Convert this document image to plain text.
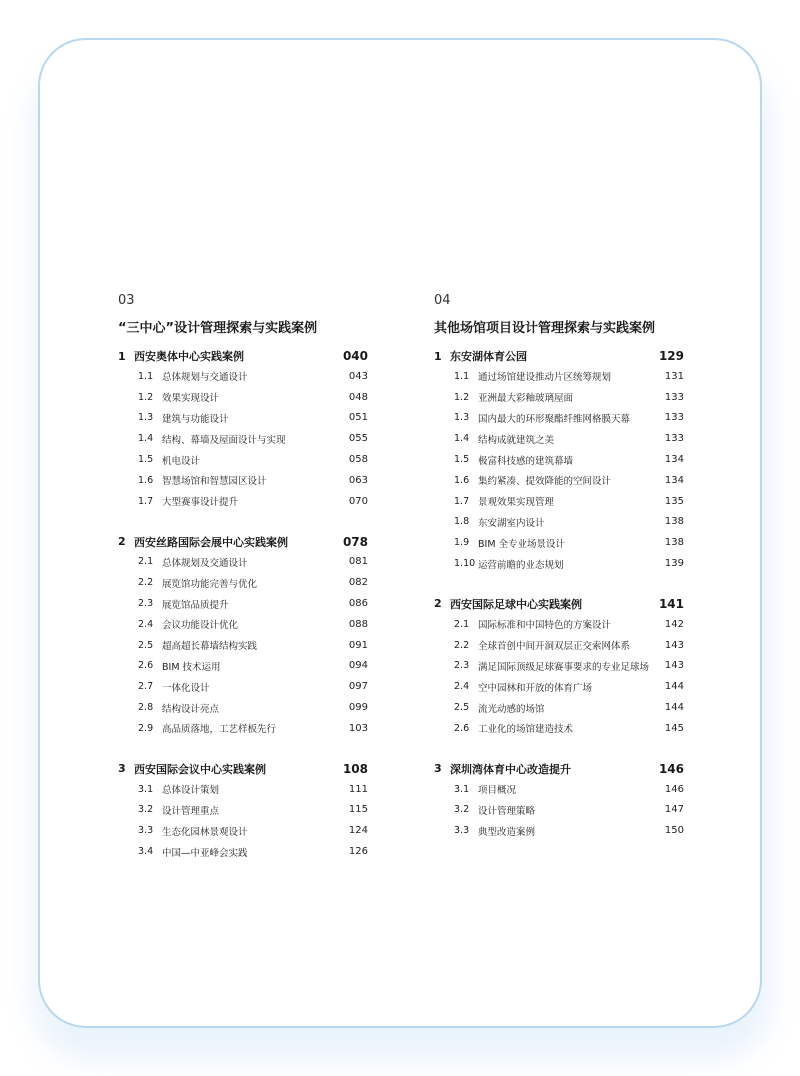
03
“三中心”设计管理探索与实践案例
1 西安奥体中心实践案例	040
1.1 总体规划与交通设计	043
1.2 效果实现设计	048
1.3 建筑与功能设计	051
1.4 结构、幕墙及屋面设计与实现	055
1.5 机电设计	058
1.6 智慧场馆和智慧园区设计	063
1.7 大型赛事设计提升	070
2 西安丝路国际会展中心实践案例	078
2.1 总体规划及交通设计	081
2.2 展览馆功能完善与优化	082
2.3 展览馆品质提升	086
2.4 会议功能设计优化	088
2.5 超高超长幕墙结构实践	091
2.6 BIM 技术运用	094
2.7 一体化设计	097
2.8 结构设计亮点	099
2.9 高品质落地，工艺样板先行	103
3 西安国际会议中心实践案例	108
3.1 总体设计策划	111
3.2 设计管理重点	115
3.3 生态化园林景观设计	124
3.4 中国—中亚峰会实践	126
04
其他场馆项目设计管理探索与实践案例
1 东安湖体育公园	129
1.1 通过场馆建设推动片区统筹规划	131
1.2 亚洲最大彩釉玻璃屋面	133
1.3 国内最大的环形聚酯纤维网格膜天幕	133
1.4 结构成就建筑之美	133
1.5 极富科技感的建筑幕墙	134
1.6 集约紧凑、提效降能的空间设计	134
1.7 景观效果实现管理	135
1.8 东安湖室内设计	138
1.9 BIM 全专业场景设计	138
1.10 运营前瞻的业态规划	139
2 西安国际足球中心实践案例	141
2.1 国际标准和中国特色的方案设计	142
2.2 全球首创中间开洞双层正交索网体系	143
2.3 满足国际顶级足球赛事要求的专业足球场	143
2.4 空中园林和开放的体育广场	144
2.5 流光动感的场馆	144
2.6 工业化的场馆建造技术	145
3 深圳湾体育中心改造提升	146
3.1 项目概况	146
3.2 设计管理策略	147
3.3 典型改造案例	150
